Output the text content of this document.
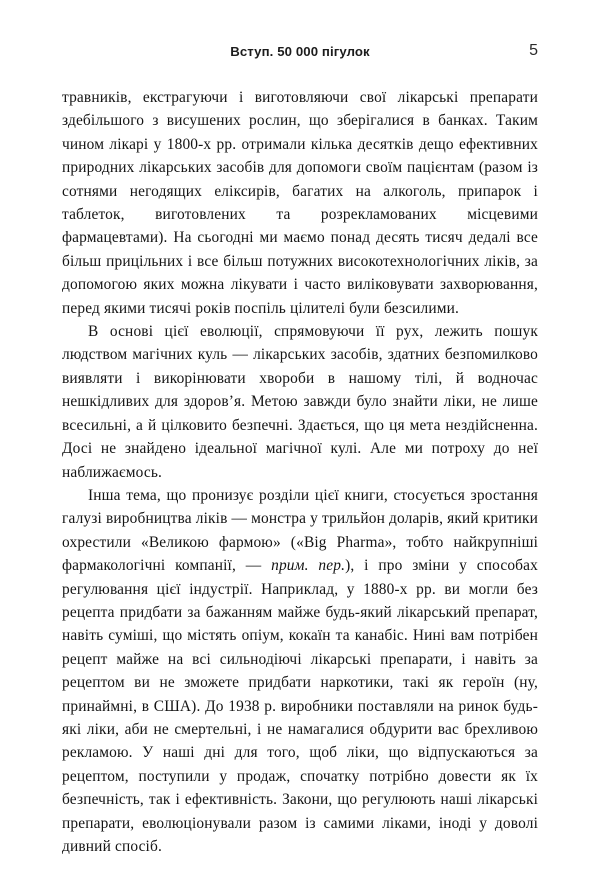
Вступ. 50 000 пігулок	5

травників, екстрагуючи і виготовляючи свої лікарські препарати здебільшого з висушених рослин, що зберігалися в банках. Таким чином лікарі у 1800-х рр. отримали кілька десятків дещо ефективних природних лікарських засобів для допомоги своїм пацієнтам (разом із сотнями негодящих еліксирів, багатих на алкоголь, припарок і таблеток, виготовлених та розрекламованих місцевими фармацевтами). На сьогодні ми маємо понад десять тисяч дедалі все більш прицільних і все більш потужних високотехнологічних ліків, за допомогою яких можна лікувати і часто виліковувати захворювання, перед якими тисячі років поспіль цілителі були безсилими.

В основі цієї еволюції, спрямовуючи її рух, лежить пошук людством магічних куль — лікарських засобів, здатних безпомилково виявляти і викорінювати хвороби в нашому тілі, й водночас нешкідливих для здоров’я. Метою завжди було знайти ліки, не лише всесильні, а й цілковито безпечні. Здається, що ця мета нездійсненна. Досі не знайдено ідеальної магічної кулі. Але ми потроху до неї наближаємось.

Інша тема, що пронизує розділи цієї книги, стосується зростання галузі виробництва ліків — монстра у трильйон доларів, який критики охрестили «Великою фармою» («Big Pharma», тобто найкрупніші фармакологічні компанії, — прим. пер.), і про зміни у способах регулювання цієї індустрії. Наприклад, у 1880-х рр. ви могли без рецепта придбати за бажанням майже будь-який лікарський препарат, навіть суміші, що містять опіум, кокаїн та канабіс. Нині вам потрібен рецепт майже на всі сильнодіючі лікарські препарати, і навіть за рецептом ви не зможете придбати наркотики, такі як героїн (ну, принаймні, в США). До 1938 р. виробники поставляли на ринок будь-які ліки, аби не смертельні, і не намагалися обдурити вас брехливою рекламою. У наші дні для того, щоб ліки, що відпускаються за рецептом, поступили у продаж, спочатку потрібно довести як їх безпечність, так і ефективність. Закони, що регулюють наші лікарські препарати, еволюціонували разом із самими ліками, іноді у доволі дивний спосіб.
